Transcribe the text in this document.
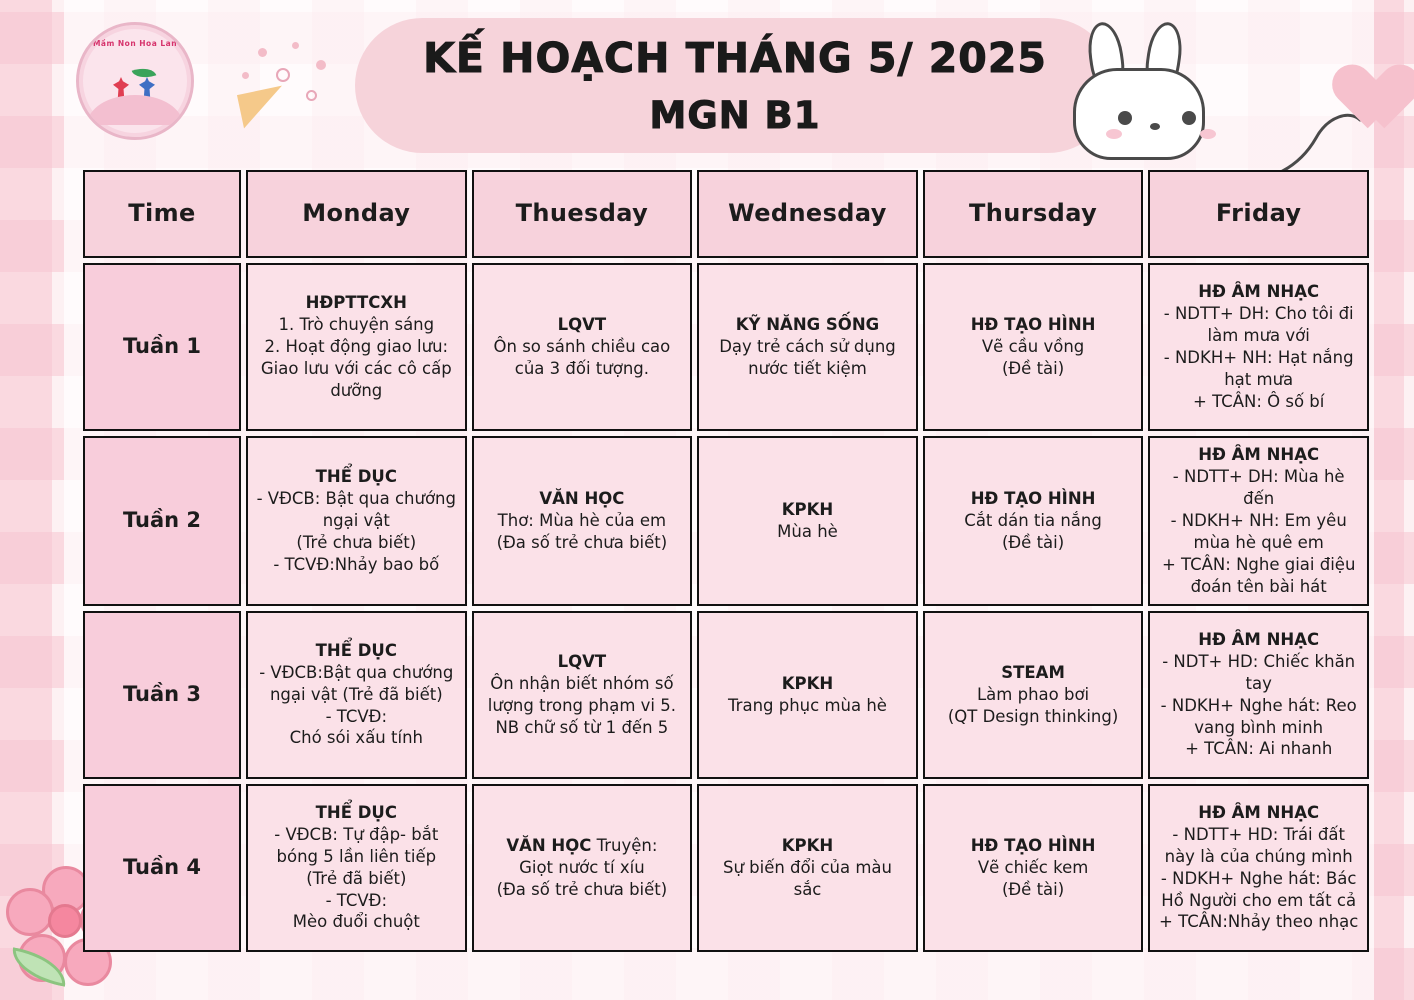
Mầm Non Hoa Lan	KẾ HOẠCH THÁNG 5/ 2025
MGN B1
Time	Monday	Thuesday	Wednesday	Thursday	Friday
Tuần 1	HĐPTTCXH
1. Trò chuyện sáng
2. Hoạt động giao lưu: Giao lưu với các cô cấp dưỡng	LQVT
Ôn so sánh chiều cao của 3 đối tượng.	KỸ NĂNG SỐNG
Dạy trẻ cách sử dụng nước tiết kiệm	HĐ TẠO HÌNH
Vẽ cầu vồng
(Đề tài)	HĐ ÂM NHẠC
- NDTT+ DH: Cho tôi đi làm mưa với
- NDKH+ NH: Hạt nắng hạt mưa
+ TCÂN: Ô số bí

Tuần 2	THỂ DỤC
- VĐCB: Bật qua chướng ngại vật
(Trẻ chưa biết)
- TCVĐ:Nhảy bao bố	VĂN HỌC
Thơ: Mùa hè của em
(Đa số trẻ chưa biết)	KPKH
Mùa hè	HĐ TẠO HÌNH
Cắt dán tia nắng
(Đề tài)	HĐ ÂM NHẠC
- NDTT+ DH: Mùa hè đến
- NDKH+ NH: Em yêu mùa hè quê em
+ TCÂN: Nghe giai điệu đoán tên bài hát

Tuần 3	THỂ DỤC
- VĐCB:Bật qua chướng ngại vật (Trẻ đã biết)
- TCVĐ:
Chó sói xấu tính	LQVT
Ôn nhận biết nhóm số lượng trong phạm vi 5. NB chữ số từ 1 đến 5	KPKH
Trang phục mùa hè	STEAM
Làm phao bơi
(QT Design thinking)	HĐ ÂM NHẠC
- NDT+ HD: Chiếc khăn tay
- NDKH+ Nghe hát: Reo vang bình minh
+ TCÂN: Ai nhanh

Tuần 4	THỂ DỤC
- VĐCB: Tự đập- bắt bóng 5 lần liên tiếp
(Trẻ đã biết)
- TCVĐ:
Mèo đuổi chuột	VĂN HỌC Truyện:
Giọt nước tí xíu
(Đa số trẻ chưa biết)	KPKH
Sự biến đổi của màu sắc	HĐ TẠO HÌNH
Vẽ chiếc kem
(Đề tài)	HĐ ÂM NHẠC
- NDTT+ HD: Trái đất này là của chúng mình
- NDKH+ Nghe hát: Bác Hồ Người cho em tất cả
+ TCÂN:Nhảy theo nhạc
